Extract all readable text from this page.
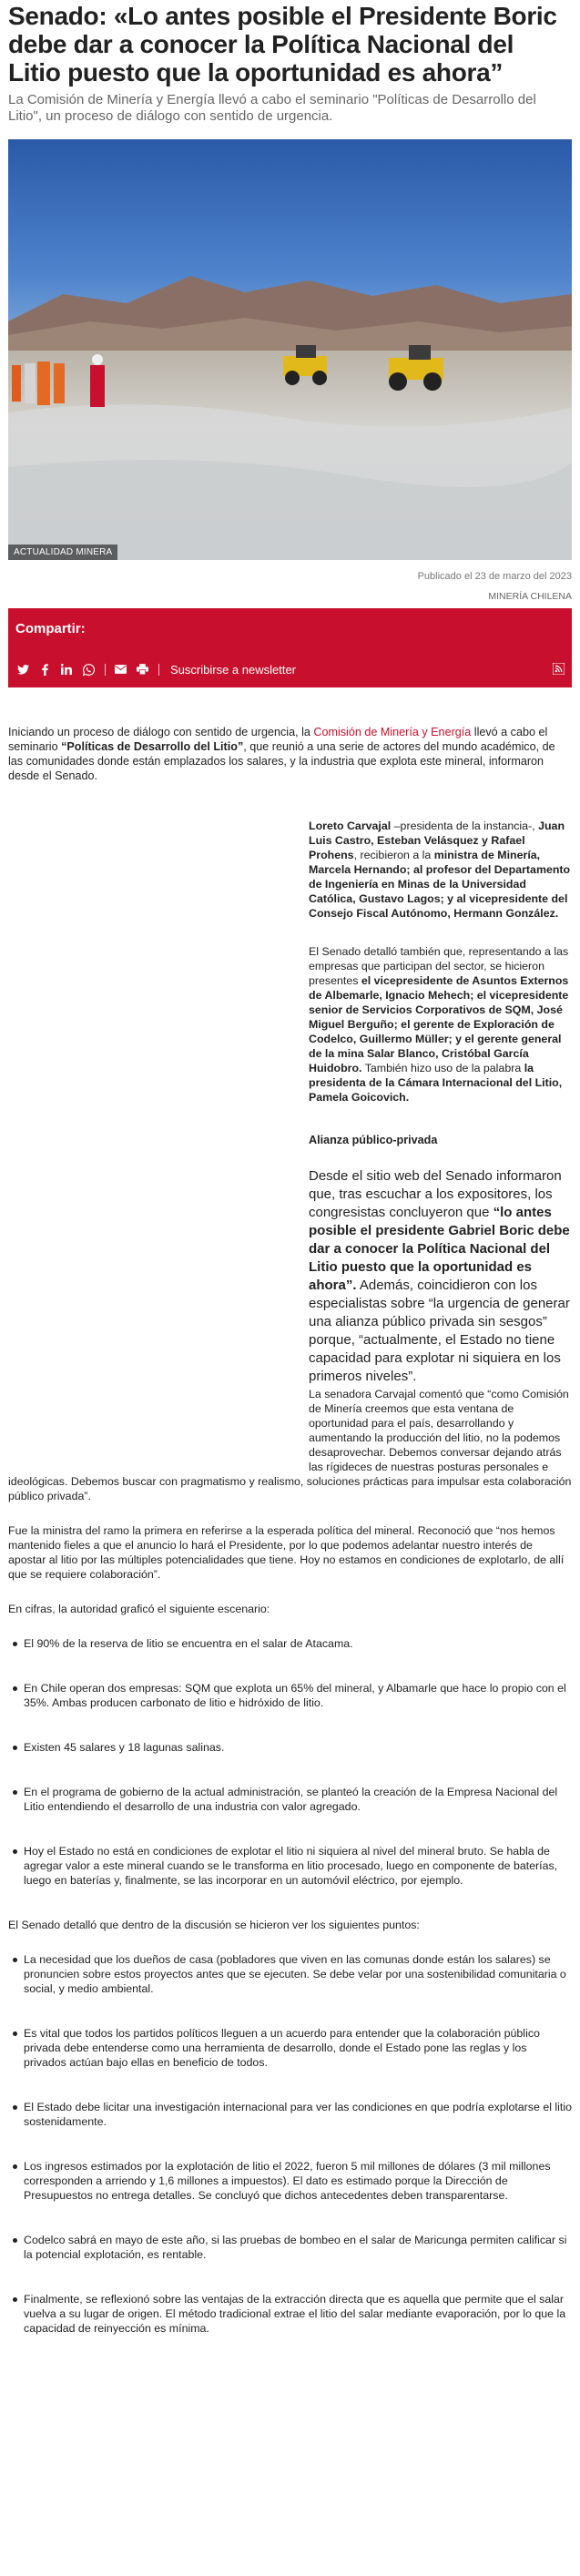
Senado: «Lo antes posible el Presidente Boric debe dar a conocer la Política Nacional del Litio puesto que la oportunidad es ahora”

La Comisión de Minería y Energía llevó a cabo el seminario "Políticas de Desarrollo del Litio", un proceso de diálogo con sentido de urgencia.

ACTUALIDAD MINERA
Publicado el 23 de marzo del 2023
MINERÍA CHILENA
Compartir:
Suscribirse a newsletter

Iniciando un proceso de diálogo con sentido de urgencia, la Comisión de Minería y Energía llevó a cabo el seminario “Políticas de Desarrollo del Litio”, que reunió a una serie de actores del mundo académico, de las comunidades donde están emplazados los salares, y la industria que explota este mineral, informaron desde el Senado.

Loreto Carvajal –presidenta de la instancia-, Juan Luis Castro, Esteban Velásquez y Rafael Prohens, recibieron a la ministra de Minería, Marcela Hernando; al profesor del Departamento de Ingeniería en Minas de la Universidad Católica, Gustavo Lagos; y al vicepresidente del Consejo Fiscal Autónomo, Hermann González.

El Senado detalló también que, representando a las empresas que participan del sector, se hicieron presentes el vicepresidente de Asuntos Externos de Albemarle, Ignacio Mehech; el vicepresidente senior de Servicios Corporativos de SQM, José Miguel Berguño; el gerente de Exploración de Codelco, Guillermo Müller; y el gerente general de la mina Salar Blanco, Cristóbal García Huidobro. También hizo uso de la palabra la presidenta de la Cámara Internacional del Litio, Pamela Goicovich.

Alianza público-privada

Desde el sitio web del Senado informaron que, tras escuchar a los expositores, los congresistas concluyeron que “lo antes posible el presidente Gabriel Boric debe dar a conocer la Política Nacional del Litio puesto que la oportunidad es ahora”. Además, coincidieron con los especialistas sobre “la urgencia de generar una alianza público privada sin sesgos” porque, “actualmente, el Estado no tiene capacidad para explotar ni siquiera en los primeros niveles”.

La senadora Carvajal comentó que “como Comisión de Minería creemos que esta ventana de oportunidad para el país, desarrollando y aumentando la producción del litio, no la podemos desaprovechar. Debemos conversar dejando atrás las rígideces de nuestras posturas personales e

ideológicas. Debemos buscar con pragmatismo y realismo, soluciones prácticas para impulsar esta colaboración público privada”.

Fue la ministra del ramo la primera en referirse a la esperada política del mineral. Reconoció que “nos hemos mantenido fieles a que el anuncio lo hará el Presidente, por lo que podemos adelantar nuestro interés de apostar al litio por las múltiples potencialidades que tiene. Hoy no estamos en condiciones de explotarlo, de allí que se requiere colaboración”.

En cifras, la autoridad graficó el siguiente escenario:

El 90% de la reserva de litio se encuentra en el salar de Atacama.
En Chile operan dos empresas: SQM que explota un 65% del mineral, y Albamarle que hace lo propio con el 35%. Ambas producen carbonato de litio e hidróxido de litio.
Existen 45 salares y 18 lagunas salinas.
En el programa de gobierno de la actual administración, se planteó la creación de la Empresa Nacional del Litio entendiendo el desarrollo de una industria con valor agregado.
Hoy el Estado no está en condiciones de explotar el litio ni siquiera al nivel del mineral bruto. Se habla de agregar valor a este mineral cuando se le transforma en litio procesado, luego en componente de baterías, luego en baterías y, finalmente, se las incorporar en un automóvil eléctrico, por ejemplo.

El Senado detalló que dentro de la discusión se hicieron ver los siguientes puntos:

La necesidad que los dueños de casa (pobladores que viven en las comunas donde están los salares) se pronuncien sobre estos proyectos antes que se ejecuten. Se debe velar por una sostenibilidad comunitaria o social, y medio ambiental.
Es vital que todos los partidos políticos lleguen a un acuerdo para entender que la colaboración público privada debe entenderse como una herramienta de desarrollo, donde el Estado pone las reglas y los privados actúan bajo ellas en beneficio de todos.
El Estado debe licitar una investigación internacional para ver las condiciones en que podría explotarse el litio sostenidamente.
Los ingresos estimados por la explotación de litio el 2022, fueron 5 mil millones de dólares (3 mil millones corresponden a arriendo y 1,6 millones a impuestos). El dato es estimado porque la Dirección de Presupuestos no entrega detalles. Se concluyó que dichos antecedentes deben transparentarse.
Codelco sabrá en mayo de este año, si las pruebas de bombeo en el salar de Maricunga permiten calificar si la potencial explotación, es rentable.
Finalmente, se reflexionó sobre las ventajas de la extracción directa que es aquella que permite que el salar vuelva a su lugar de origen. El método tradicional extrae el litio del salar mediante evaporación, por lo que la capacidad de reinyección es mínima.
